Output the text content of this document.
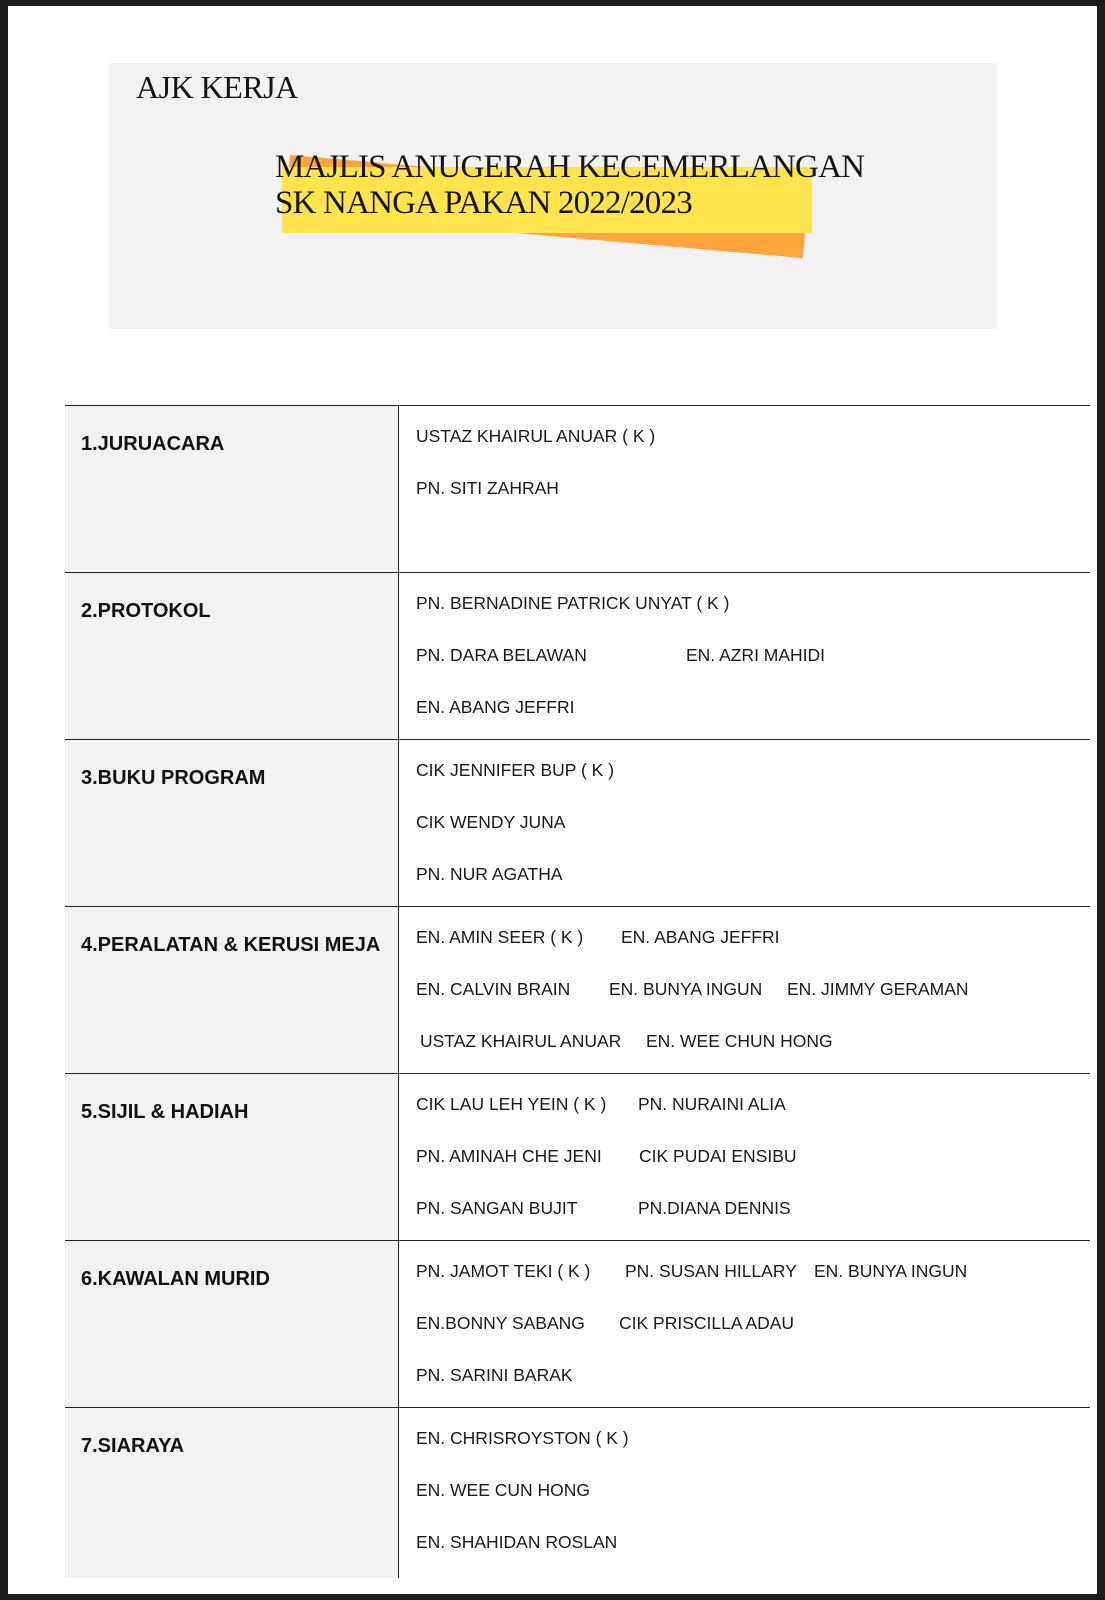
AJK KERJA
MAJLIS ANUGERAH KECEMERLANGAN
SK NANGA PAKAN 2022/2023
1.JURUACARA	USTAZ KHAIRUL ANUAR ( K )
PN. SITI ZAHRAH
2.PROTOKOL	PN. BERNADINE PATRICK UNYAT ( K )
PN. DARA BELAWAN	EN. AZRI MAHIDI
EN. ABANG JEFFRI
3.BUKU PROGRAM	CIK JENNIFER BUP ( K )
CIK WENDY JUNA
PN. NUR AGATHA
4.PERALATAN & KERUSI MEJA	EN. AMIN SEER ( K ) EN. ABANG JEFFRI
EN. CALVIN BRAIN EN. BUNYA INGUN EN. JIMMY GERAMAN
USTAZ KHAIRUL ANUAR EN. WEE CHUN HONG
5.SIJIL & HADIAH	CIK LAU LEH YEIN ( K ) PN. NURAINI ALIA
PN. AMINAH CHE JENI CIK PUDAI ENSIBU
PN. SANGAN BUJIT	PN.DIANA DENNIS
6.KAWALAN MURID	PN. JAMOT TEKI ( K ) PN. SUSAN HILLARY EN. BUNYA INGUN
EN.BONNY SABANG CIK PRISCILLA ADAU
PN. SARINI BARAK
7.SIARAYA	EN. CHRISROYSTON ( K )
EN. WEE CUN HONG
EN. SHAHIDAN ROSLAN
